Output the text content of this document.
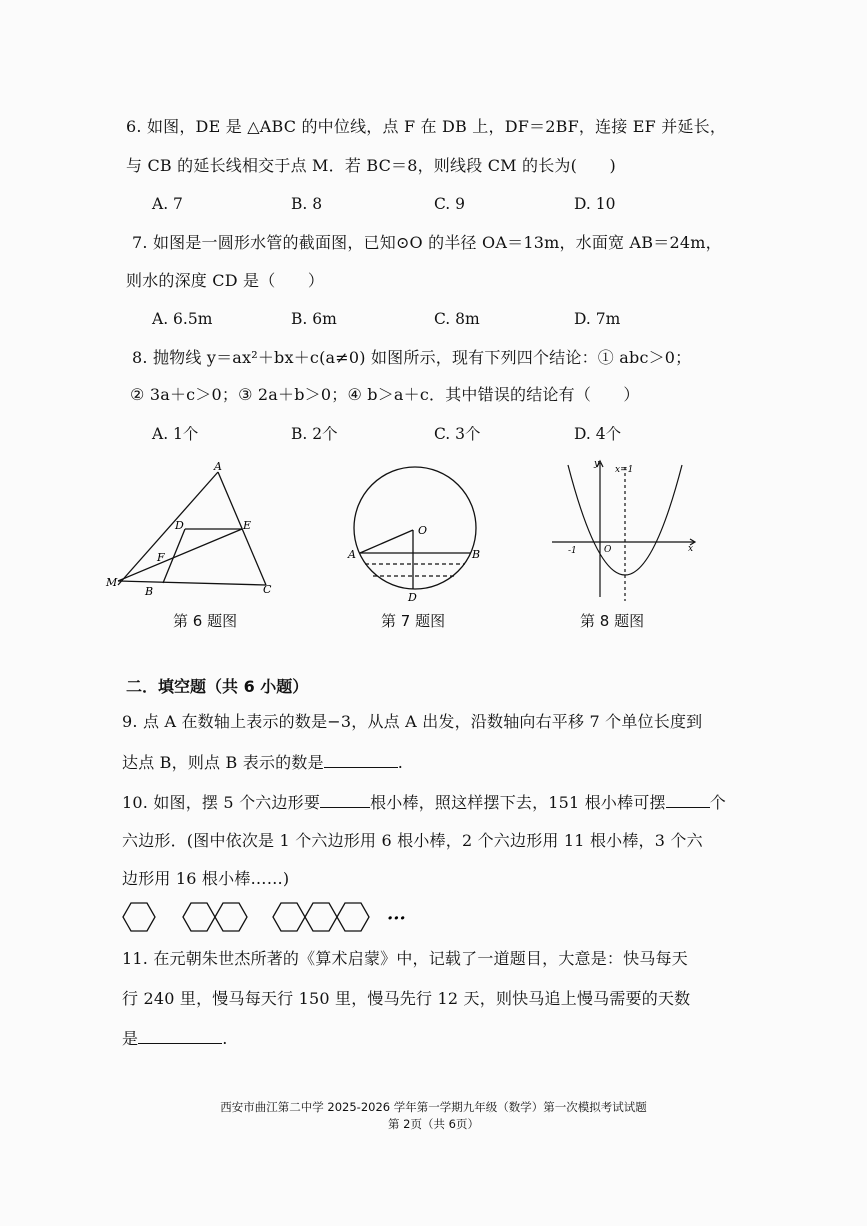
6. 如图，DE 是 △ABC 的中位线，点 F 在 DB 上，DF＝2BF，连接 EF 并延长，
与 CB 的延长线相交于点 M．若 BC＝8，则线段 CM 的长为(　　)
A. 7	B. 8	C. 9	D. 10
7. 如图是一圆形水管的截面图，已知⊙O 的半径 OA＝13m，水面宽 AB＝24m，
则水的深度 CD 是（　　）
A. 6.5m	B. 6m	C. 8m	D. 7m
8. 抛物线 y＝ax²＋bx＋c(a≠0) 如图所示，现有下列四个结论：① abc＞0；
② 3a＋c＞0；③ 2a＋b＞0；④ b＞a＋c．其中错误的结论有（　　）
A. 1个	B. 2个	C. 3个	D. 4个
A
D	E
F
M
B	C
O
A	B
D
y
x
x=1
-1	O
第 6 题图	第 7 题图	第 8 题图
二．填空题（共 6 小题）
9. 点 A 在数轴上表示的数是−3，从点 A 出发，沿数轴向右平移 7 个单位长度到
达点 B，则点 B 表示的数是	.
10. 如图，摆 5 个六边形要	根小棒，照这样摆下去，151 根小棒可摆	个
六边形．(图中依次是 1 个六边形用 6 根小棒，2 个六边形用 11 根小棒，3 个六
边形用 16 根小棒……)
···
11. 在元朝朱世杰所著的《算术启蒙》中，记载了一道题目，大意是：快马每天
行 240 里，慢马每天行 150 里，慢马先行 12 天，则快马追上慢马需要的天数
是	.
西安市曲江第二中学 2025-2026 学年第一学期九年级（数学）第一次模拟考试试题
第 2页（共 6页）
